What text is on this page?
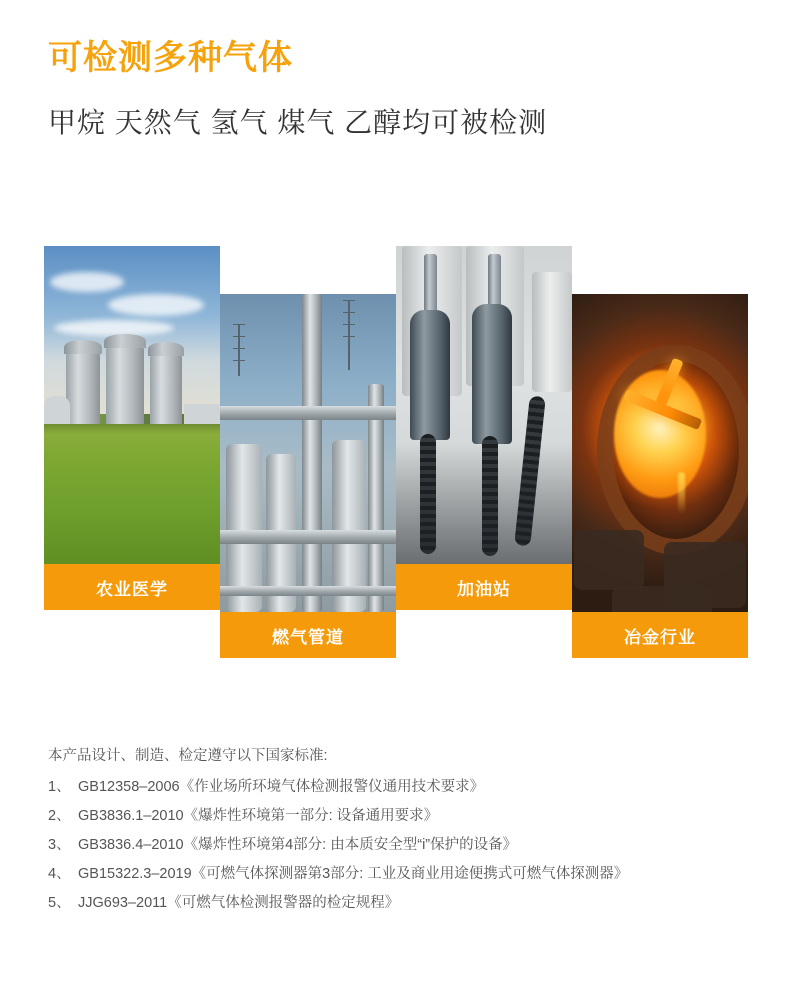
可检测多种气体
甲烷 天然气 氢气 煤气 乙醇均可被检测
农业医学
燃气管道
加油站
冶金行业
本产品设计、制造、检定遵守以下国家标准:
1、 GB12358–2006《作业场所环境气体检测报警仪通用技术要求》
2、 GB3836.1–2010《爆炸性环境第一部分: 设备通用要求》
3、 GB3836.4–2010《爆炸性环境第4部分: 由本质安全型“i”保护的设备》
4、 GB15322.3–2019《可燃气体探测器第3部分: 工业及商业用途便携式可燃气体探测器》
5、 JJG693–2011《可燃气体检测报警器的检定规程》
